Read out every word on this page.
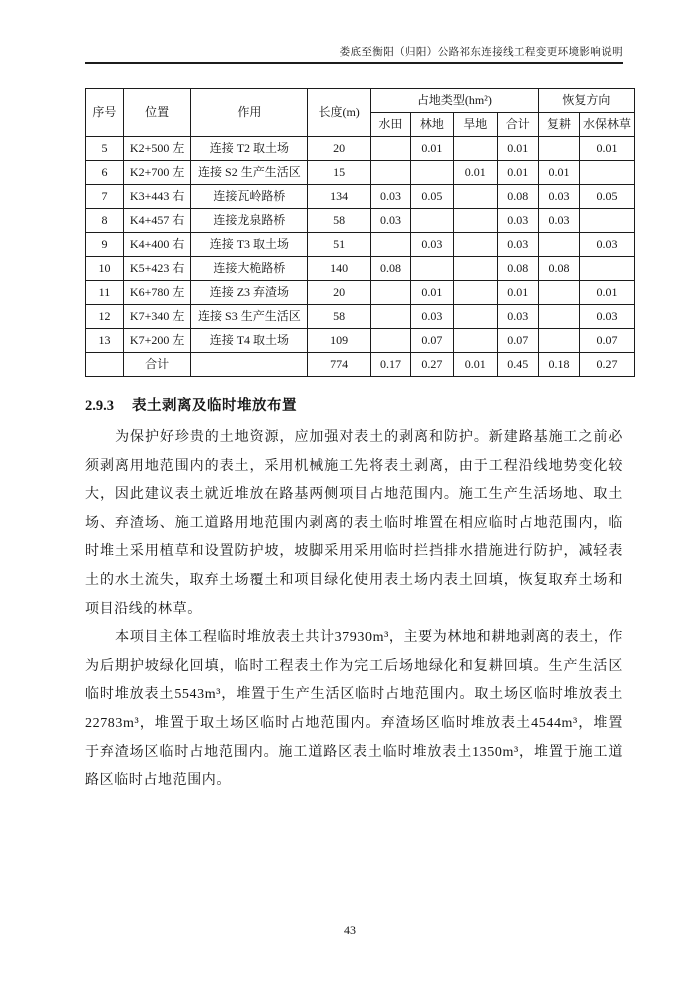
娄底至衡阳（归阳）公路祁东连接线工程变更环境影响说明
序号	位置	作用	长度(m)	占地类型(hm²)				恢复方向	
				水田	林地	旱地	合计	复耕	水保林草
5	K2+500 左	连接 T2 取土场	20		0.01		0.01		0.01
6	K2+700 左	连接 S2 生产生活区	15			0.01	0.01	0.01	
7	K3+443 右	连接瓦岭路桥	134	0.03	0.05		0.08	0.03	0.05
8	K4+457 右	连接龙泉路桥	58	0.03			0.03	0.03	
9	K4+400 右	连接 T3 取土场	51		0.03		0.03		0.03
10	K5+423 右	连接大桅路桥	140	0.08			0.08	0.08	
11	K6+780 左	连接 Z3 弃渣场	20		0.01		0.01		0.01
12	K7+340 左	连接 S3 生产生活区	58		0.03		0.03		0.03
13	K7+200 左	连接 T4 取土场	109		0.07		0.07		0.07
	合计		774	0.17	0.27	0.01	0.45	0.18	0.27
2.9.3 表土剥离及临时堆放布置

为保护好珍贵的土地资源，应加强对表土的剥离和防护。新建路基施工之前必须剥离用地范围内的表土，采用机械施工先将表土剥离，由于工程沿线地势变化较大，因此建议表土就近堆放在路基两侧项目占地范围内。施工生产生活场地、取土场、弃渣场、施工道路用地范围内剥离的表土临时堆置在相应临时占地范围内，临时堆土采用植草和设置防护坡，坡脚采用采用临时拦挡排水措施进行防护，减轻表土的水土流失，取弃土场覆土和项目绿化使用表土场内表土回填，恢复取弃土场和项目沿线的林草。

本项目主体工程临时堆放表土共计37930m³，主要为林地和耕地剥离的表土，作为后期护坡绿化回填，临时工程表土作为完工后场地绿化和复耕回填。生产生活区临时堆放表土5543m³，堆置于生产生活区临时占地范围内。取土场区临时堆放表土22783m³，堆置于取土场区临时占地范围内。弃渣场区临时堆放表土4544m³，堆置于弃渣场区临时占地范围内。施工道路区表土临时堆放表土1350m³，堆置于施工道路区临时占地范围内。

43
